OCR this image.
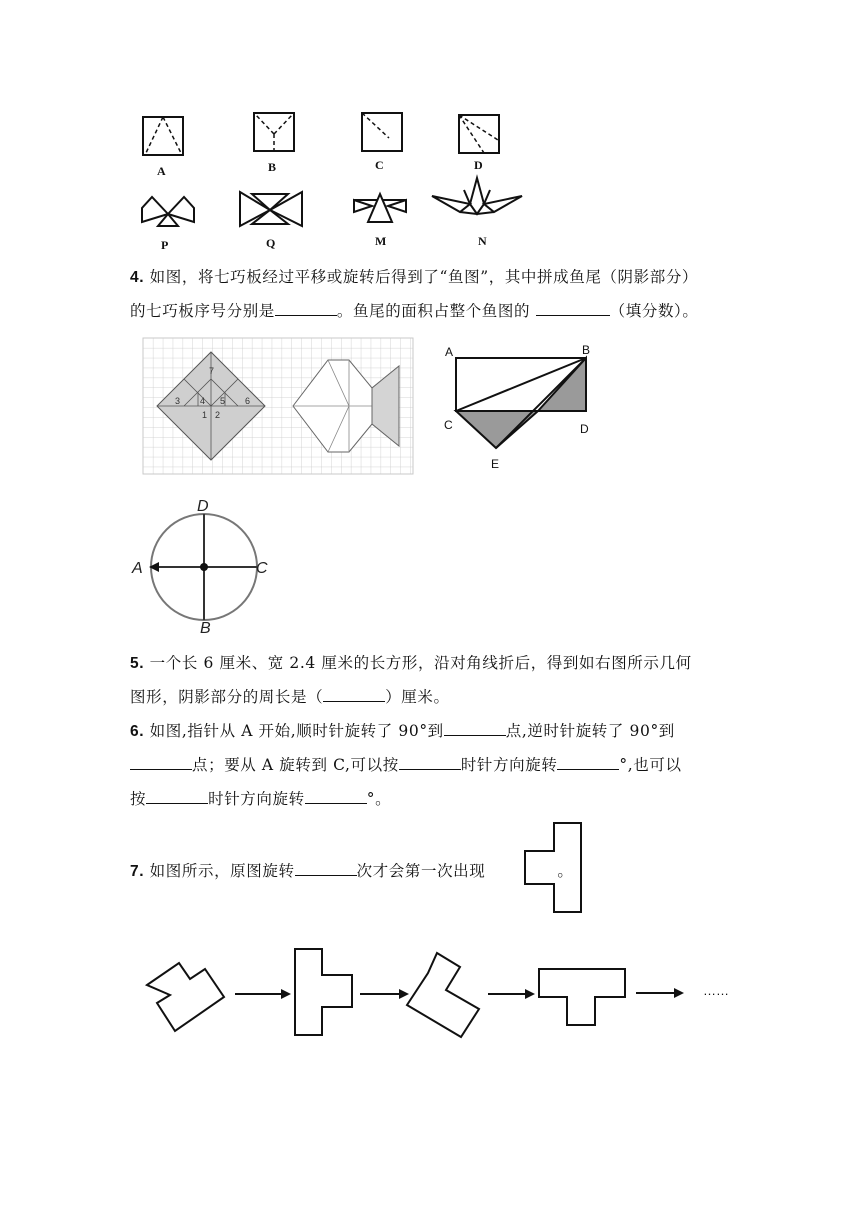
A	B	C	D
P	Q	M	N
4. 如图，将七巧板经过平移或旋转后得到了“鱼图”，其中拼成鱼尾（阴影部分）
的七巧板序号分别是	。鱼尾的面积占整个鱼图的	（填分数）。
7
3 4 5 6
1 2
A	B
C	D
E
D
A	C
B
5. 一个长 6 厘米、宽 2.4 厘米的长方形，沿对角线折后，得到如右图所示几何
图形，阴影部分的周长是（	）厘米。
6. 如图,指针从 A 开始,顺时针旋转了 90°到	点,逆时针旋转了 90°到
点；要从 A 旋转到 C,可以按	时针方向旋转	°,也可以
按	时针方向旋转	°。
7. 如图所示，原图旋转	次才会第一次出现	。
……
